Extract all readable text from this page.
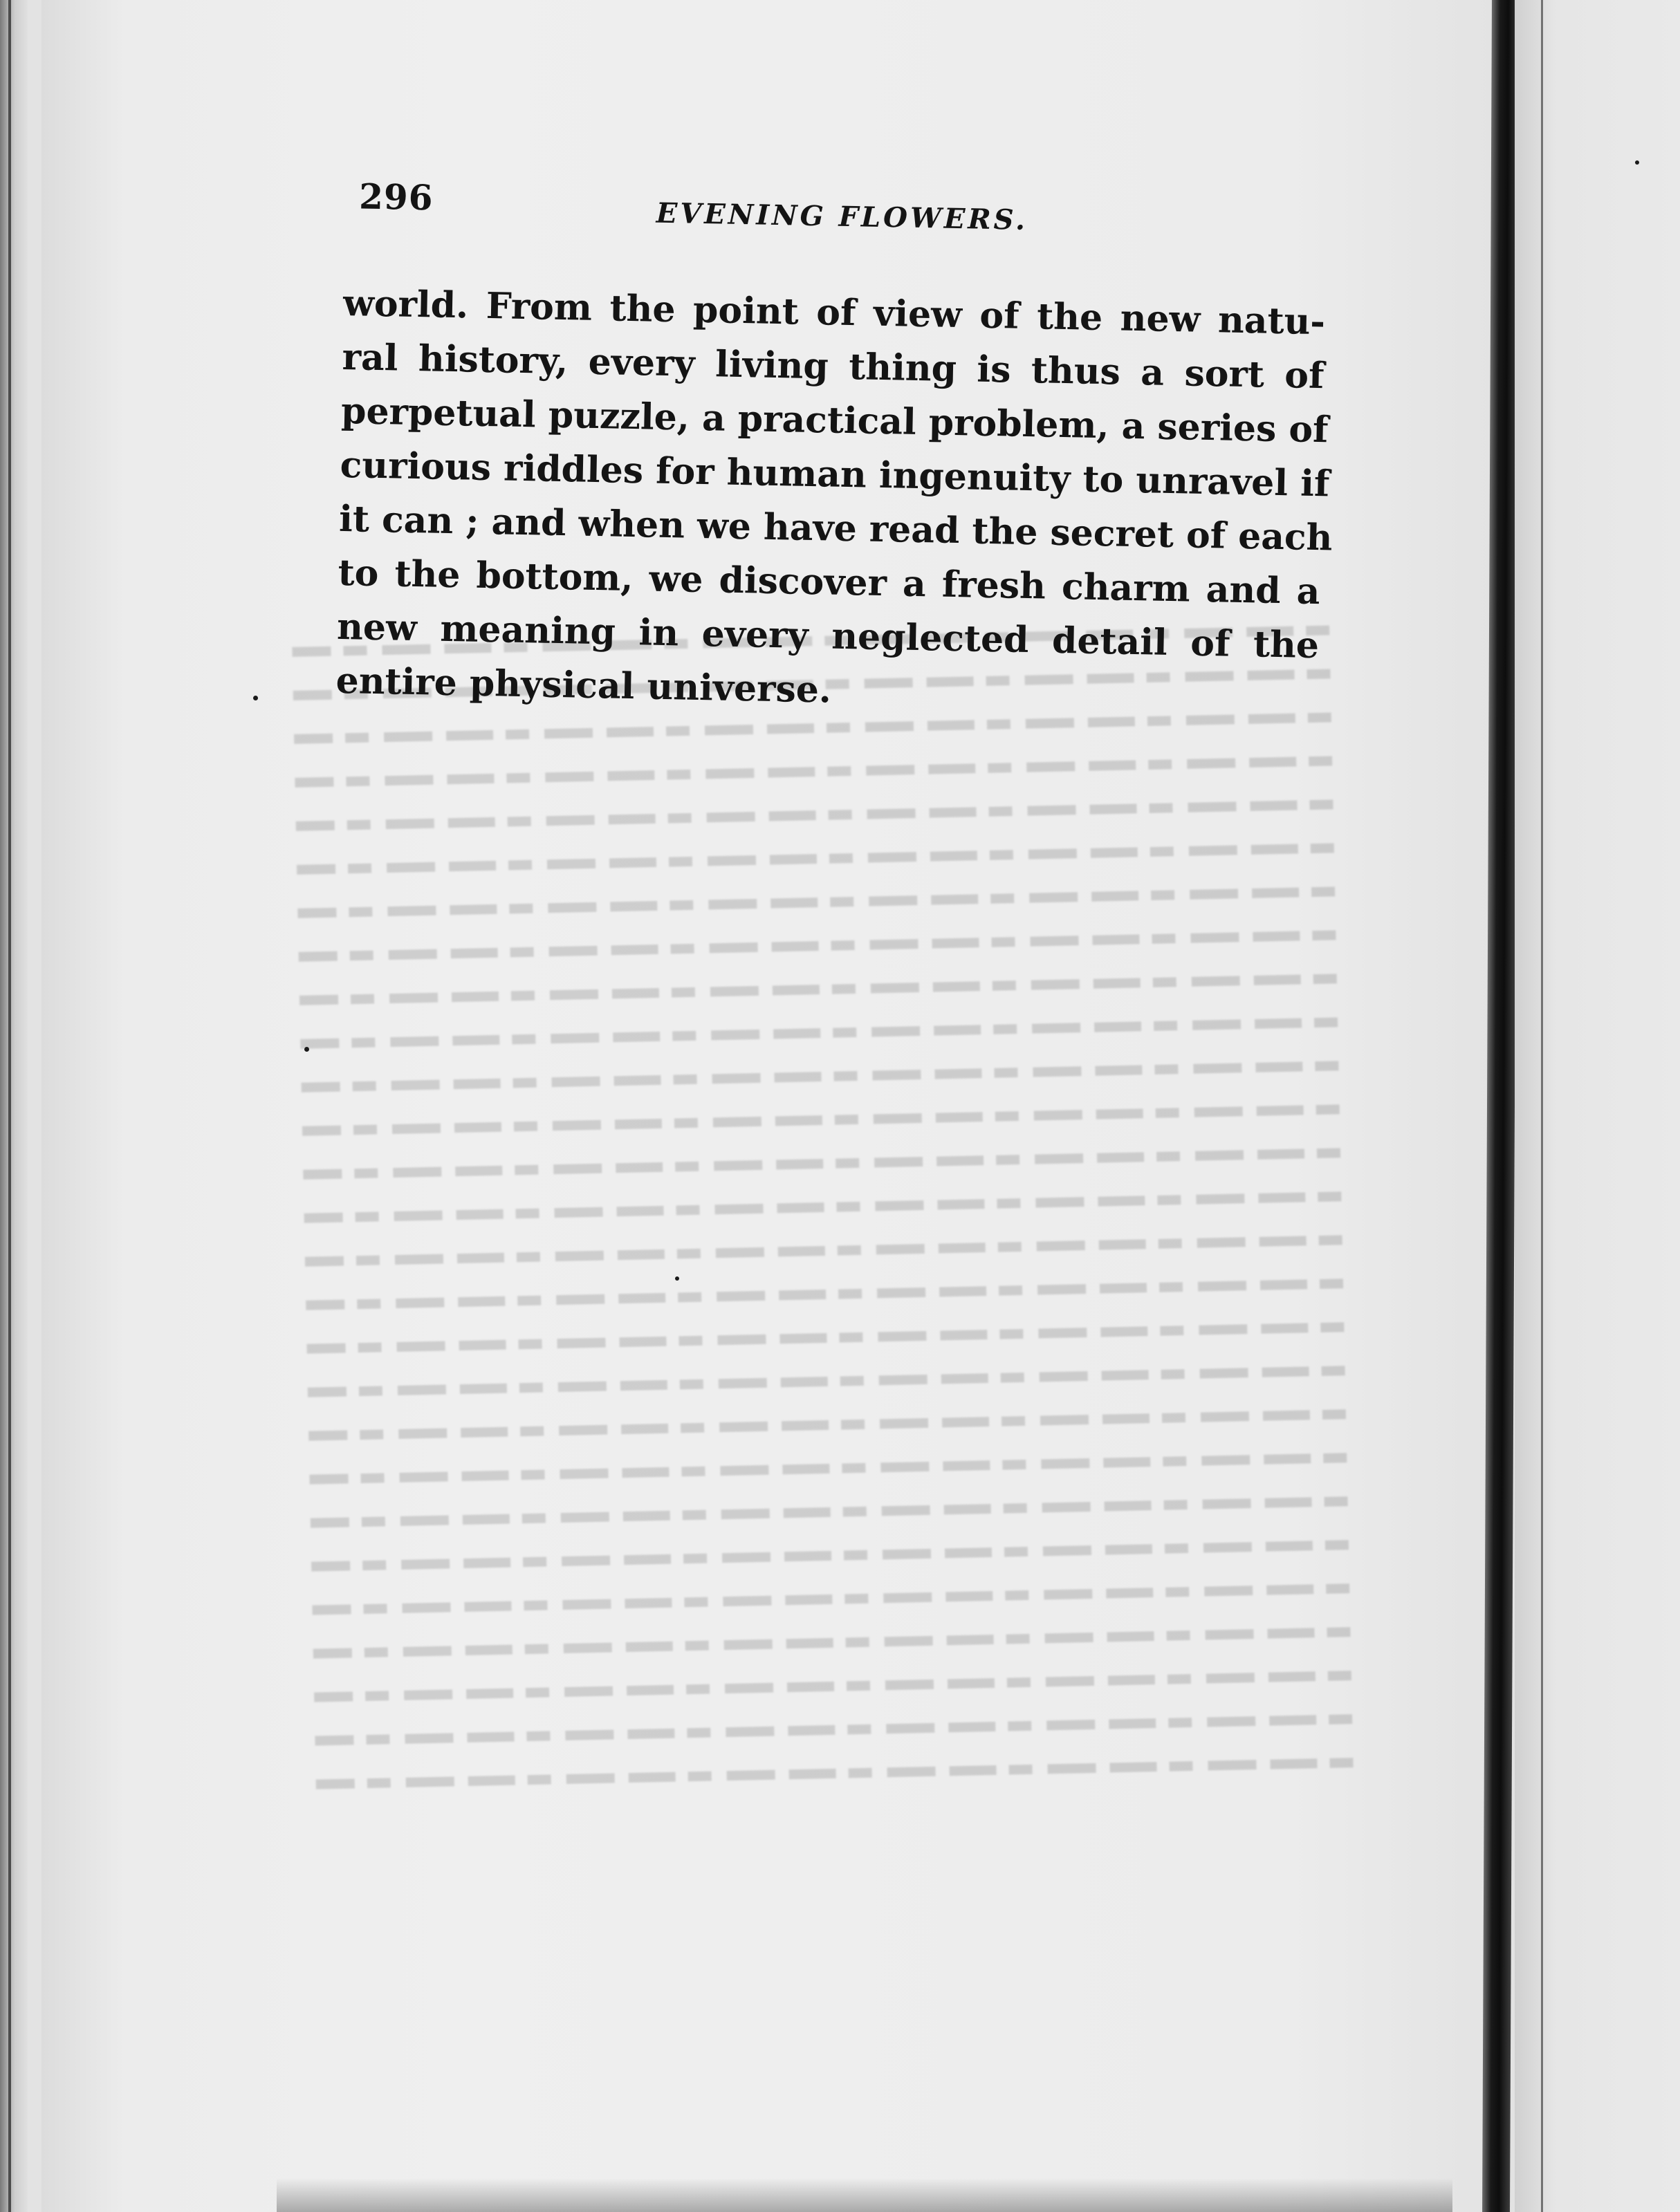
296	EVENING FLOWERS.
world. From the point of view of the new natu-
ral history, every living thing is thus a sort of
perpetual puzzle, a practical problem, a series of
curious riddles for human ingenuity to unravel if
it can ; and when we have read the secret of each
to the bottom, we discover a fresh charm and a
new meaning in every neglected detail of the
entire physical universe.
